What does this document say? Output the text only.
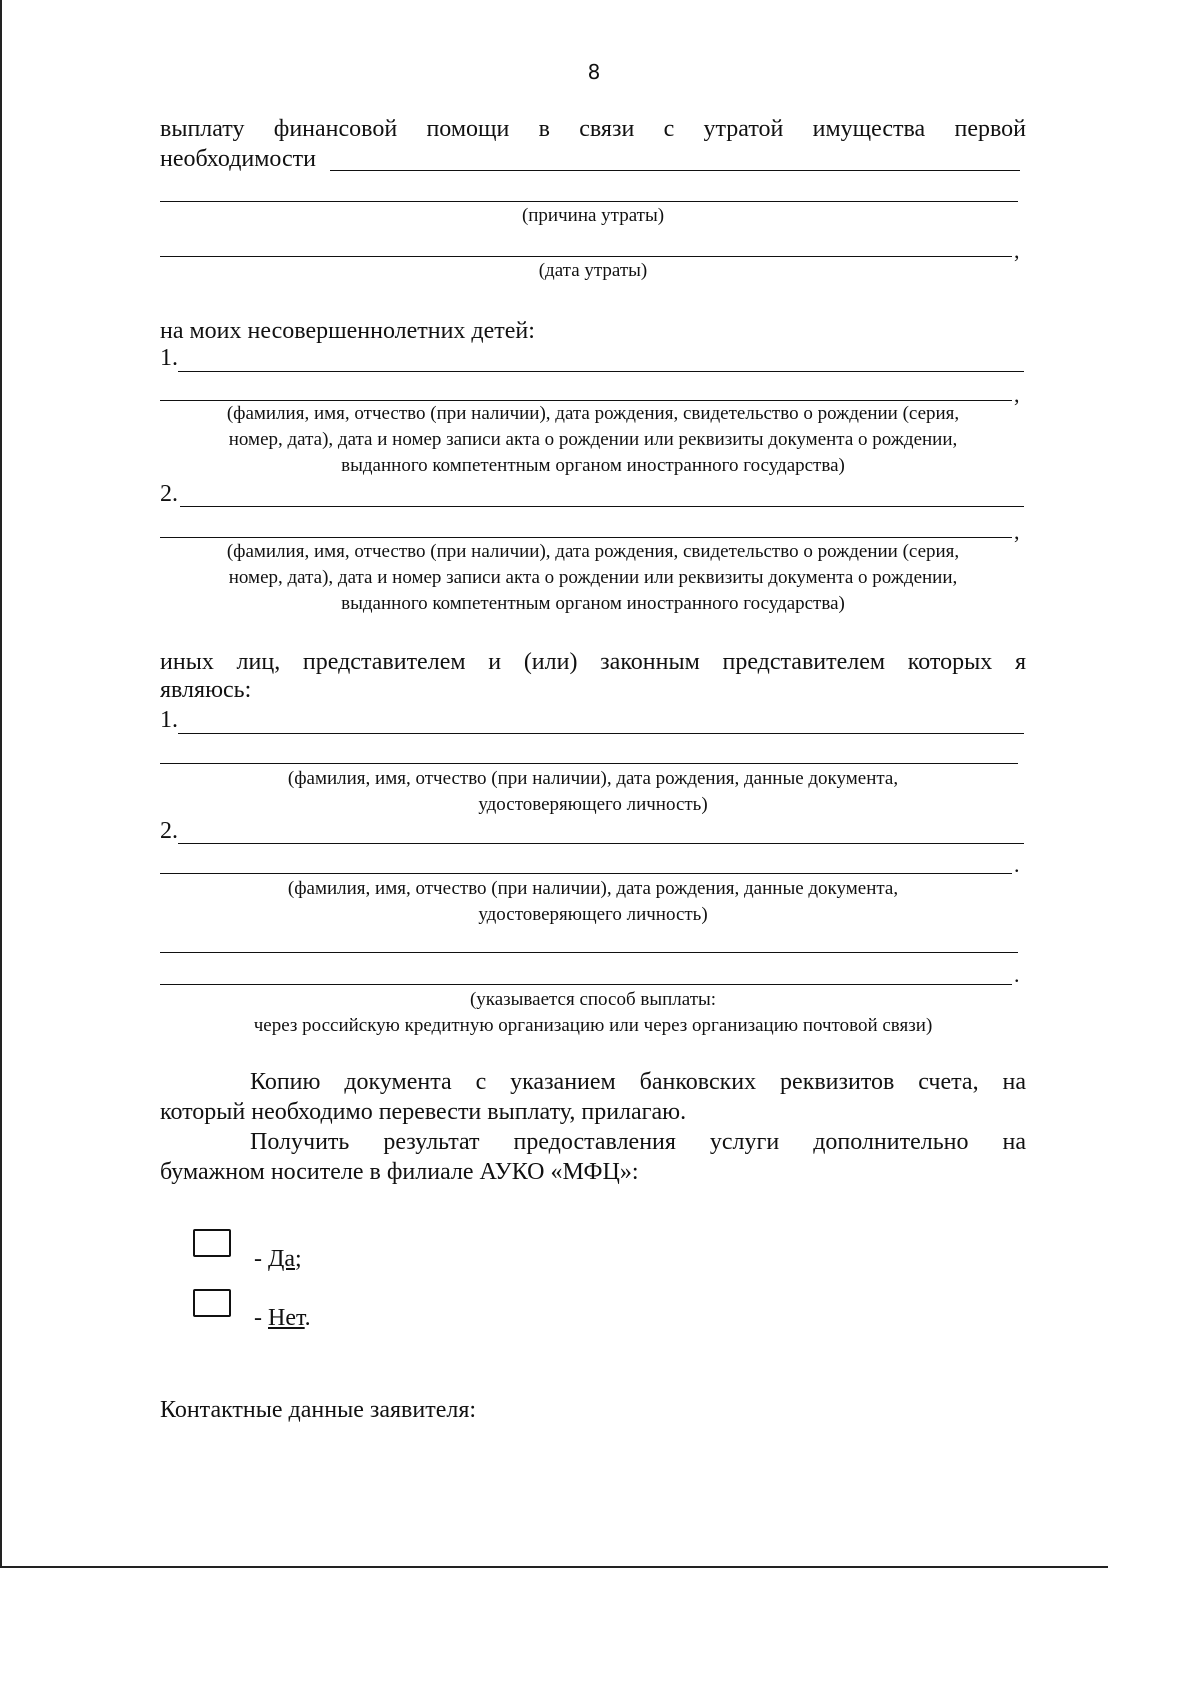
8
выплату финансовой помощи в связи с утратой имущества первой
необходимости
(причина утраты)
,
(дата утраты)
на моих несовершеннолетних детей:
1.
,
(фамилия, имя, отчество (при наличии), дата рождения, свидетельство о рождении (серия,
номер, дата), дата и номер записи акта о рождении или реквизиты документа о рождении,
выданного компетентным органом иностранного государства)
2.
,
(фамилия, имя, отчество (при наличии), дата рождения, свидетельство о рождении (серия,
номер, дата), дата и номер записи акта о рождении или реквизиты документа о рождении,
выданного компетентным органом иностранного государства)
иных лиц, представителем и (или) законным представителем которых я
являюсь:
1.
(фамилия, имя, отчество (при наличии), дата рождения, данные документа,
удостоверяющего личность)
2.
.
(фамилия, имя, отчество (при наличии), дата рождения, данные документа,
удостоверяющего личность)
.
(указывается способ выплаты:
через российскую кредитную организацию или через организацию почтовой связи)
Копию документа с указанием банковских реквизитов счета, на
который необходимо перевести выплату, прилагаю.
Получить результат предоставления услуги дополнительно на
бумажном носителе в филиале АУКО «МФЦ»:
- Да;
- Нет.
Контактные данные заявителя:
